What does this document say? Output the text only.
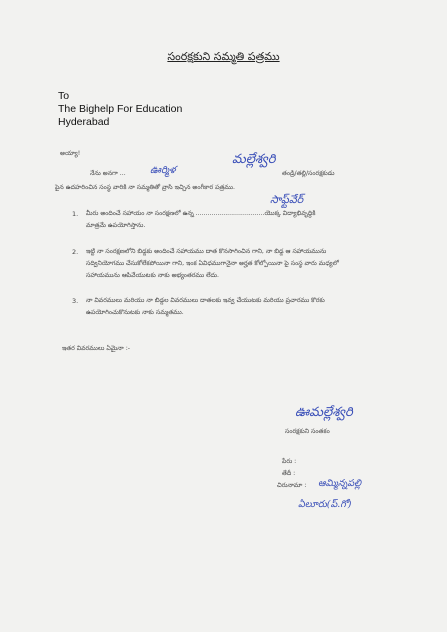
సంరక్షకుని సమ్మతి పత్రము
To
The Bighelp For Education
Hyderabad
అయ్యా!	మల్లేశ్వరి
నేను అనగా ... ఊర్మిళ	తండ్రి/తల్లి/సంరక్షకుడు
పైన ఉదహరించిన సంస్థ వారికి నా సమ్మతితో వ్రాసి ఇచ్చిన అంగీకార పత్రము.
సాఫ్ట్‌వేర్
1. మీరు అందించే సహాయం నా సంరక్షణలో ఉన్న ...................................యొక్క విద్యాభివృద్ధికి
మాత్రమే ఉపయోగిస్తాను.
2. ఇట్టి నా సంరక్షణలోని బిడ్డకు అందించే సహాయము దాత కొనసాగించిన గాని, నా బిడ్డ ఆ సహాయమును
సద్వినియోగము చేసుకోలేకపోయినా గాని, ఇంక ఏవిధముగానైనా అర్హత కోల్పోయినా పై సంస్థ వారు మధ్యలో
సహాయమును ఆపివేయుటకు నాకు అభ్యంతరము లేదు.
3. నా వివరములు మరియు నా బిడ్డల వివరములు దాతలకు ఇవ్వ చేయుటకు మరియు ప్రచారము కొరకు
ఉపయోగించుకొనుటకు నాకు సమ్మతము.
ఇతర వివరములు ఏమైనా :-
ఊమల్లేశ్వరి
సంరక్షకుని సంతకం
పేరు :
తేదీ :
చిరునామా : ఆమ్మిన్నపల్లి
ఏలూరు(ప్.గో)
